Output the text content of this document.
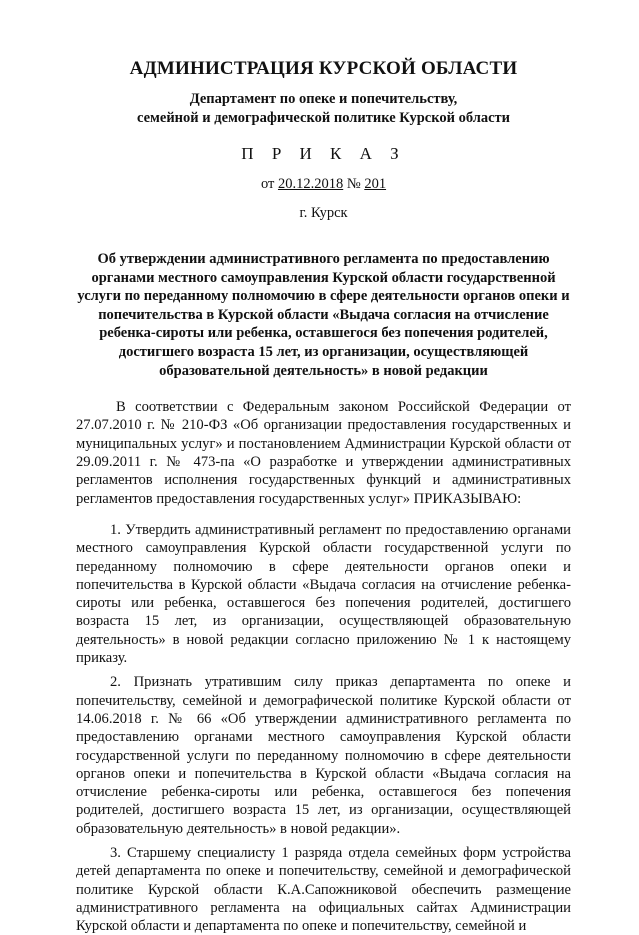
АДМИНИСТРАЦИЯ КУРСКОЙ ОБЛАСТИ
Департамент по опеке и попечительству,
семейной и демографической политике Курской области
П Р И К А З
от 20.12.2018 № 201
г. Курск
Об утверждении административного регламента по предоставлению органами местного самоуправления Курской области государственной услуги по переданному полномочию в сфере деятельности органов опеки и попечительства в Курской области «Выдача согласия на отчисление ребенка-сироты или ребенка, оставшегося без попечения родителей, достигшего возраста 15 лет, из организации, осуществляющей образовательной деятельность» в новой редакции

В соответствии с Федеральным законом Российской Федерации от 27.07.2010 г. № 210-ФЗ «Об организации предоставления государственных и муниципальных услуг» и постановлением Администрации Курской области от 29.09.2011 г. № 473-па «О разработке и утверждении административных регламентов исполнения государственных функций и административных регламентов предоставления государственных услуг» ПРИКАЗЫВАЮ:

1. Утвердить административный регламент по предоставлению органами местного самоуправления Курской области государственной услуги по переданному полномочию в сфере деятельности органов опеки и попечительства в Курской области «Выдача согласия на отчисление ребенка-сироты или ребенка, оставшегося без попечения родителей, достигшего возраста 15 лет, из организации, осуществляющей образовательную деятельность» в новой редакции согласно приложению № 1 к настоящему приказу.

2. Признать утратившим силу приказ департамента по опеке и попечительству, семейной и демографической политике Курской области от 14.06.2018 г. № 66 «Об утверждении административного регламента по предоставлению органами местного самоуправления Курской области государственной услуги по переданному полномочию в сфере деятельности органов опеки и попечительства в Курской области «Выдача согласия на отчисление ребенка-сироты или ребенка, оставшегося без попечения родителей, достигшего возраста 15 лет, из организации, осуществляющей образовательную деятельность» в новой редакции».

3. Старшему специалисту 1 разряда отдела семейных форм устройства детей департамента по опеке и попечительству, семейной и демографической политике Курской области К.А.Сапожниковой обеспечить размещение административного регламента на официальных сайтах Администрации Курской области и департамента по опеке и попечительству, семейной и
